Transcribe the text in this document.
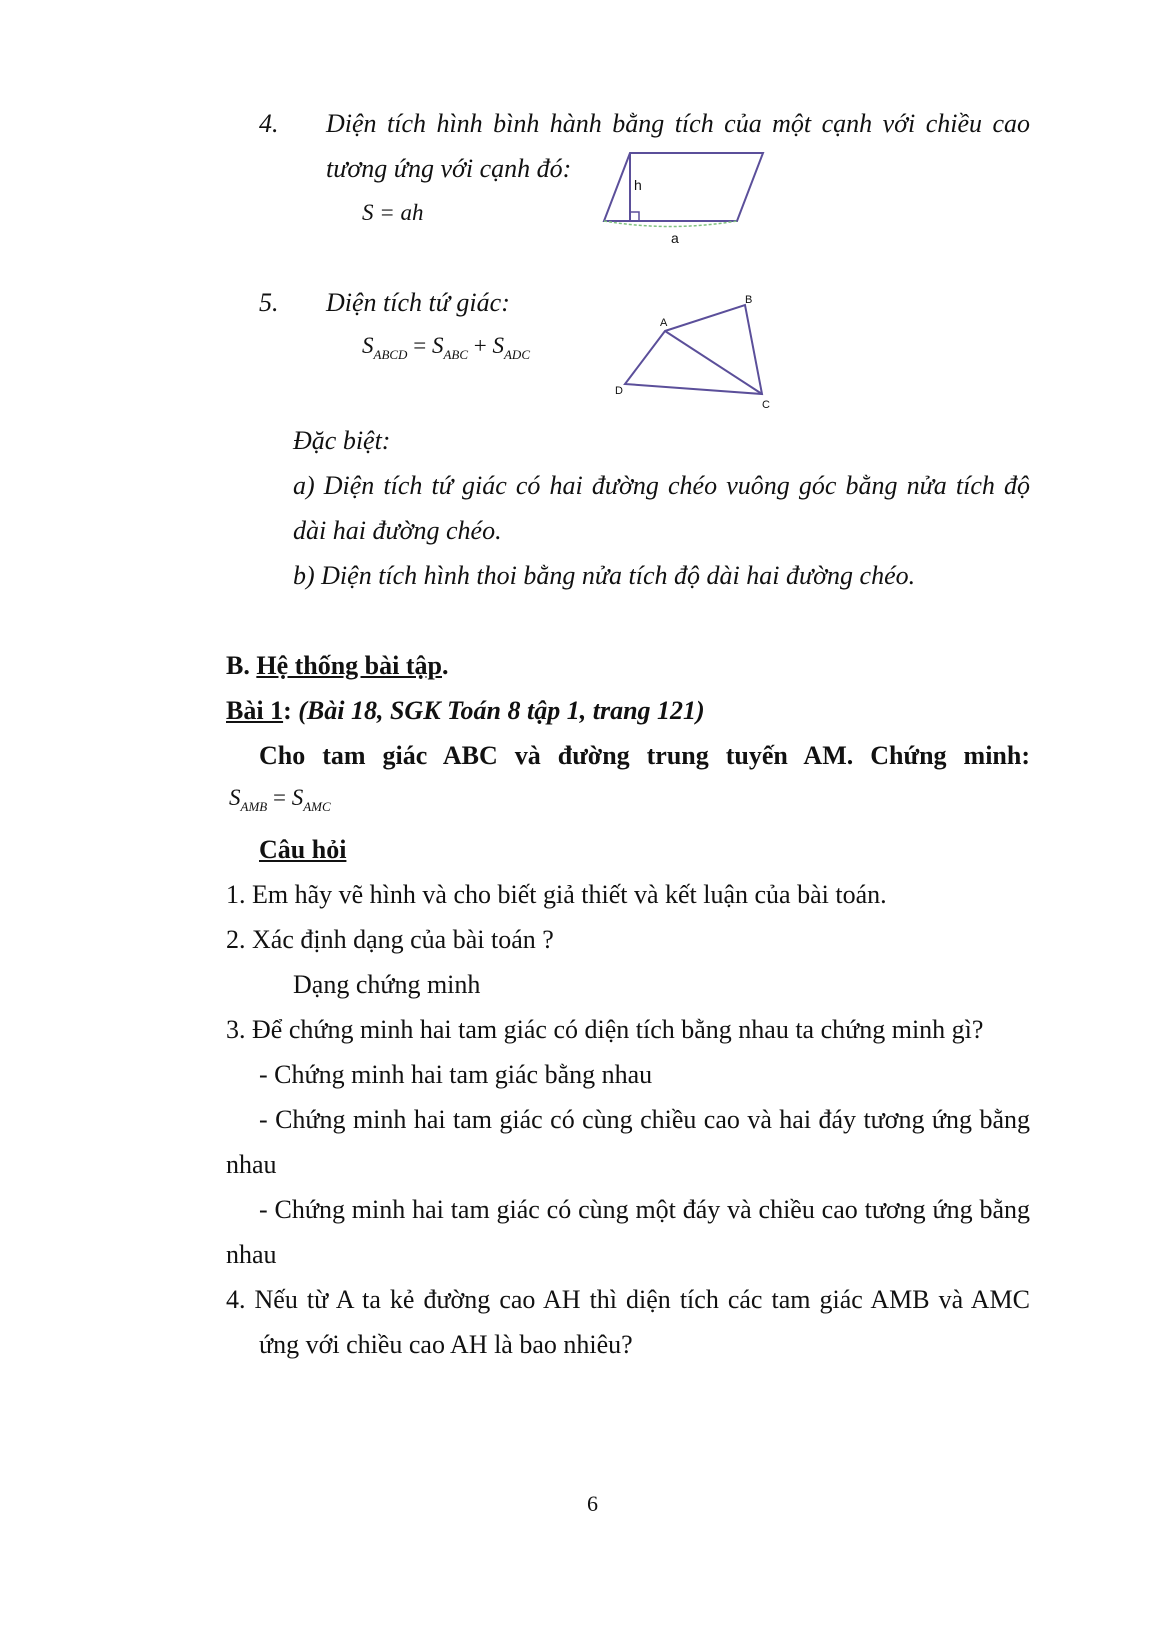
4. Diện tích hình bình hành bằng tích của một cạnh với chiều cao
tương ứng với cạnh đó:
S = ah
h
a
5. Diện tích tứ giác:
$S_{ABCD} = S_{ABC} + S_{ADC}$
A
B
C
D
Đặc biệt:
a) Diện tích tứ giác có hai đường chéo vuông góc bằng nửa tích độ
dài hai đường chéo.
b) Diện tích hình thoi bằng nửa tích độ dài hai đường chéo.
B. Hệ thống bài tập.
Bài 1: (Bài 18, SGK Toán 8 tập 1, trang 121)
Cho tam giác ABC và đường trung tuyến AM. Chứng minh:
$S_{AMB} = S_{AMC}$
Câu hỏi
1. Em hãy vẽ hình và cho biết giả thiết và kết luận của bài toán.
2. Xác định dạng của bài toán ?
Dạng chứng minh
3. Để chứng minh hai tam giác có diện tích bằng nhau ta chứng minh gì?
- Chứng minh hai tam giác bằng nhau
- Chứng minh hai tam giác có cùng chiều cao và hai đáy tương ứng bằng
nhau
- Chứng minh hai tam giác có cùng một đáy và chiều cao tương ứng bằng
nhau
4. Nếu từ A ta kẻ đường cao AH thì diện tích các tam giác AMB và AMC
ứng với chiều cao AH là bao nhiêu?
6
